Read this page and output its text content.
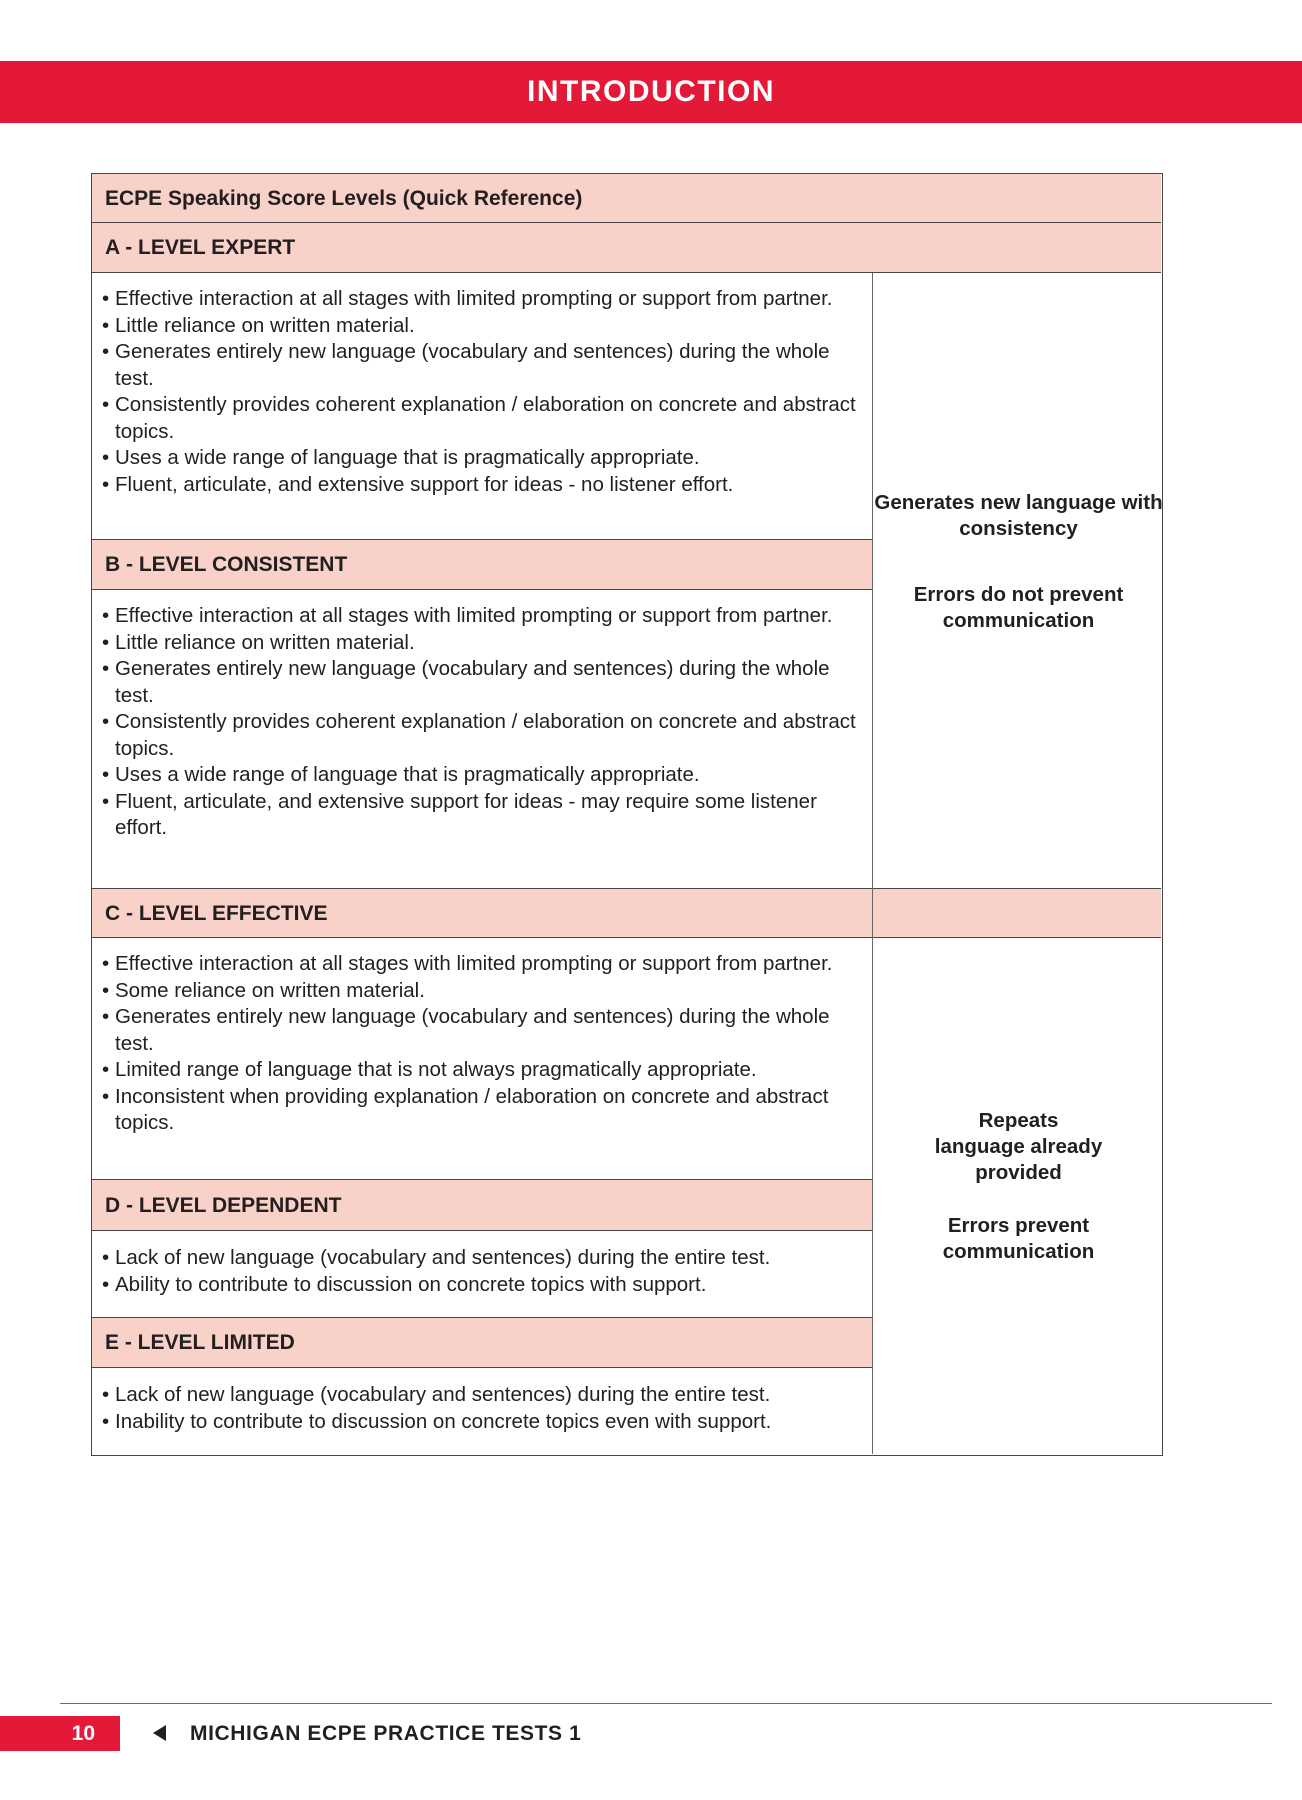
INTRODUCTION
ECPE Speaking Score Levels (Quick Reference)
A - LEVEL EXPERT
• Effective interaction at all stages with limited prompting or support from partner.
• Little reliance on written material.
• Generates entirely new language (vocabulary and sentences) during the whole test.
• Consistently provides coherent explanation / elaboration on concrete and abstract topics.
• Uses a wide range of language that is pragmatically appropriate.
• Fluent, articulate, and extensive support for ideas - no listener effort.
B - LEVEL CONSISTENT
• Effective interaction at all stages with limited prompting or support from partner.
• Little reliance on written material.
• Generates entirely new language (vocabulary and sentences) during the whole test.
• Consistently provides coherent explanation / elaboration on concrete and abstract topics.
• Uses a wide range of language that is pragmatically appropriate.
• Fluent, articulate, and extensive support for ideas - may require some listener effort.
Generates new language with consistency
Errors do not prevent communication
C - LEVEL EFFECTIVE
• Effective interaction at all stages with limited prompting or support from partner.
• Some reliance on written material.
• Generates entirely new language (vocabulary and sentences) during the whole test.
• Limited range of language that is not always pragmatically appropriate.
• Inconsistent when providing explanation / elaboration on concrete and abstract topics.
D - LEVEL DEPENDENT
• Lack of new language (vocabulary and sentences) during the entire test.
• Ability to contribute to discussion on concrete topics with support.
E - LEVEL LIMITED
• Lack of new language (vocabulary and sentences) during the entire test.
• Inability to contribute to discussion on concrete topics even with support.
Repeats language already provided
Errors prevent communication
10	MICHIGAN ECPE PRACTICE TESTS 1
